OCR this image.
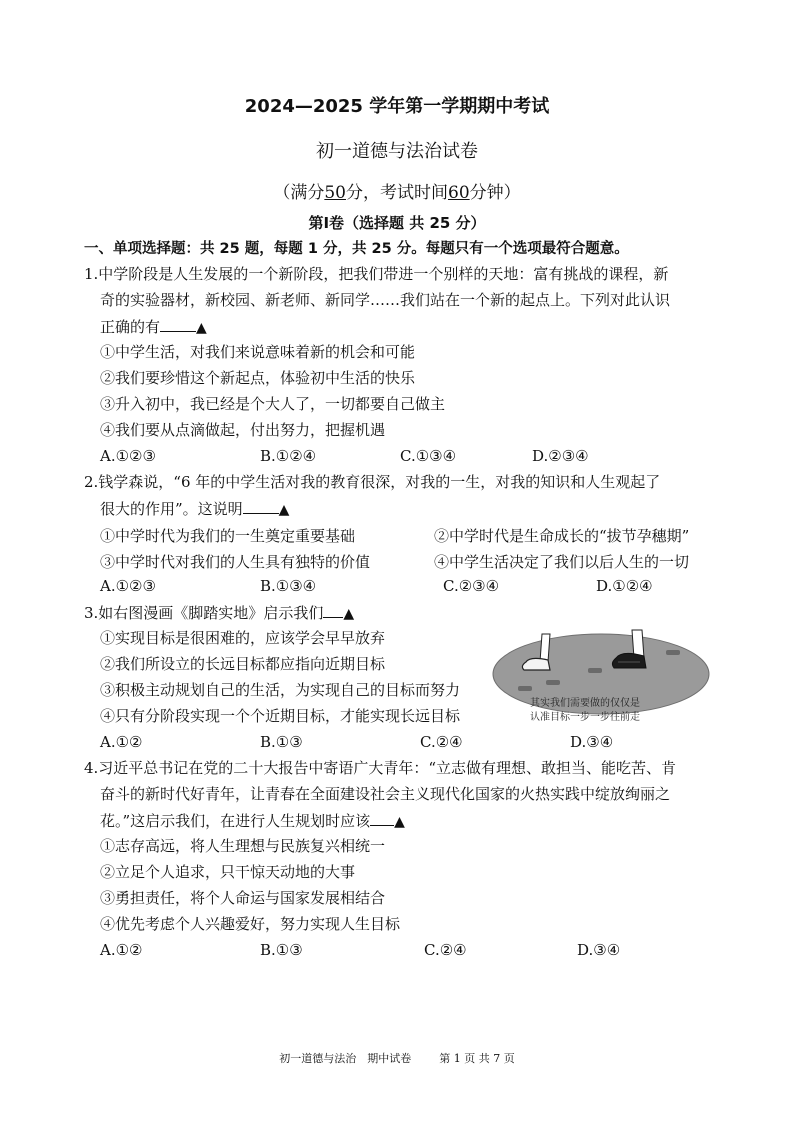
2024—2025 学年第一学期期中考试
初一道德与法治试卷
（满分50分，考试时间60分钟）
第Ⅰ卷（选择题 共 25 分）
一、单项选择题：共 25 题，每题 1 分，共 25 分。每题只有一个选项最符合题意。
1.中学阶段是人生发展的一个新阶段，把我们带进一个别样的天地：富有挑战的课程，新
奇的实验器材，新校园、新老师、新同学……我们站在一个新的起点上。下列对此认识
正确的有	▲
①中学生活，对我们来说意味着新的机会和可能
②我们要珍惜这个新起点，体验初中生活的快乐
③升入初中，我已经是个大人了，一切都要自己做主
④我们要从点滴做起，付出努力，把握机遇
A.①②③	B.①②④	C.①③④	D.②③④
2.钱学森说，“6 年的中学生活对我的教育很深，对我的一生，对我的知识和人生观起了
很大的作用”。这说明	▲
①中学时代为我们的一生奠定重要基础	②中学时代是生命成长的“拔节孕穗期”
③中学时代对我们的人生具有独特的价值	④中学生活决定了我们以后人生的一切
A.①②③	B.①③④	C.②③④	D.①②④
3.如右图漫画《脚踏实地》启示我们 ▲
①实现目标是很困难的，应该学会早早放弃
②我们所设立的长远目标都应指向近期目标
③积极主动规划自己的生活，为实现自己的目标而努力
④只有分阶段实现一个个近期目标，才能实现长远目标
A.①②	B.①③	C.②④	D.③④
其实我们需要做的仅仅是
认准目标一步一步往前走
4.习近平总书记在党的二十大报告中寄语广大青年：“立志做有理想、敢担当、能吃苦、肯
奋斗的新时代好青年，让青春在全面建设社会主义现代化国家的火热实践中绽放绚丽之
花。”这启示我们，在进行人生规划时应该 ▲
①志存高远，将人生理想与民族复兴相统一
②立足个人追求，只干惊天动地的大事
③勇担责任，将个人命运与国家发展相结合
④优先考虑个人兴趣爱好，努力实现人生目标
A.①②	B.①③	C.②④	D.③④
初一道德与法治　期中试卷	第 1 页 共 7 页
